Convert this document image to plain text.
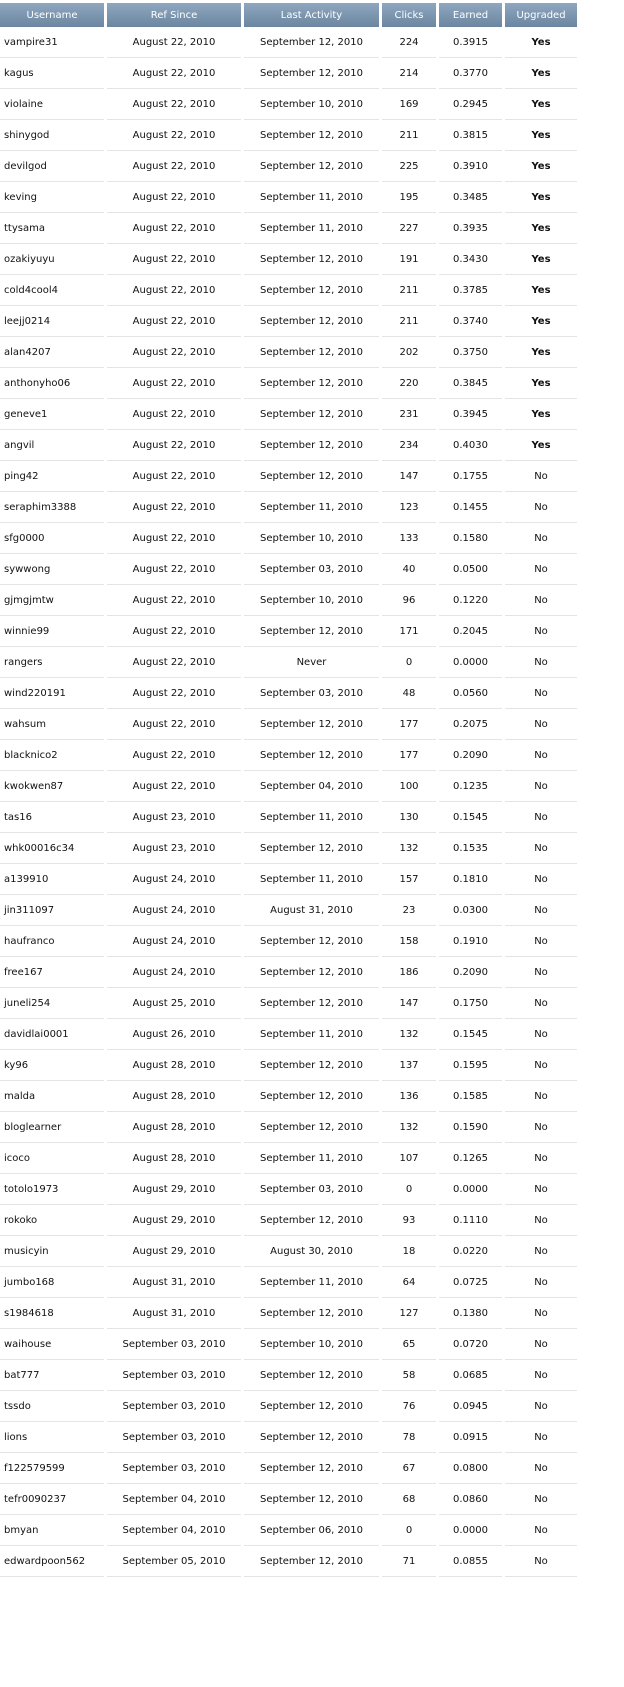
Username	Ref Since	Last Activity	Clicks	Earned	Upgraded
vampire31	August 22, 2010	September 12, 2010	224	0.3915	Yes
kagus	August 22, 2010	September 12, 2010	214	0.3770	Yes
violaine	August 22, 2010	September 10, 2010	169	0.2945	Yes
shinygod	August 22, 2010	September 12, 2010	211	0.3815	Yes
devilgod	August 22, 2010	September 12, 2010	225	0.3910	Yes
keving	August 22, 2010	September 11, 2010	195	0.3485	Yes
ttysama	August 22, 2010	September 11, 2010	227	0.3935	Yes
ozakiyuyu	August 22, 2010	September 12, 2010	191	0.3430	Yes
cold4cool4	August 22, 2010	September 12, 2010	211	0.3785	Yes
leejj0214	August 22, 2010	September 12, 2010	211	0.3740	Yes
alan4207	August 22, 2010	September 12, 2010	202	0.3750	Yes
anthonyho06	August 22, 2010	September 12, 2010	220	0.3845	Yes
geneve1	August 22, 2010	September 12, 2010	231	0.3945	Yes
angvil	August 22, 2010	September 12, 2010	234	0.4030	Yes
ping42	August 22, 2010	September 12, 2010	147	0.1755	No
seraphim3388	August 22, 2010	September 11, 2010	123	0.1455	No
sfg0000	August 22, 2010	September 10, 2010	133	0.1580	No
sywwong	August 22, 2010	September 03, 2010	40	0.0500	No
gjmgjmtw	August 22, 2010	September 10, 2010	96	0.1220	No
winnie99	August 22, 2010	September 12, 2010	171	0.2045	No
rangers	August 22, 2010	Never	0	0.0000	No
wind220191	August 22, 2010	September 03, 2010	48	0.0560	No
wahsum	August 22, 2010	September 12, 2010	177	0.2075	No
blacknico2	August 22, 2010	September 12, 2010	177	0.2090	No
kwokwen87	August 22, 2010	September 04, 2010	100	0.1235	No
tas16	August 23, 2010	September 11, 2010	130	0.1545	No
whk00016c34	August 23, 2010	September 12, 2010	132	0.1535	No
a139910	August 24, 2010	September 11, 2010	157	0.1810	No
jin311097	August 24, 2010	August 31, 2010	23	0.0300	No
haufranco	August 24, 2010	September 12, 2010	158	0.1910	No
free167	August 24, 2010	September 12, 2010	186	0.2090	No
juneli254	August 25, 2010	September 12, 2010	147	0.1750	No
davidlai0001	August 26, 2010	September 11, 2010	132	0.1545	No
ky96	August 28, 2010	September 12, 2010	137	0.1595	No
malda	August 28, 2010	September 12, 2010	136	0.1585	No
bloglearner	August 28, 2010	September 12, 2010	132	0.1590	No
icoco	August 28, 2010	September 11, 2010	107	0.1265	No
totolo1973	August 29, 2010	September 03, 2010	0	0.0000	No
rokoko	August 29, 2010	September 12, 2010	93	0.1110	No
musicyin	August 29, 2010	August 30, 2010	18	0.0220	No
jumbo168	August 31, 2010	September 11, 2010	64	0.0725	No
s1984618	August 31, 2010	September 12, 2010	127	0.1380	No
waihouse	September 03, 2010	September 10, 2010	65	0.0720	No
bat777	September 03, 2010	September 12, 2010	58	0.0685	No
tssdo	September 03, 2010	September 12, 2010	76	0.0945	No
lions	September 03, 2010	September 12, 2010	78	0.0915	No
f122579599	September 03, 2010	September 12, 2010	67	0.0800	No
tefr0090237	September 04, 2010	September 12, 2010	68	0.0860	No
bmyan	September 04, 2010	September 06, 2010	0	0.0000	No
edwardpoon562	September 05, 2010	September 12, 2010	71	0.0855	No
